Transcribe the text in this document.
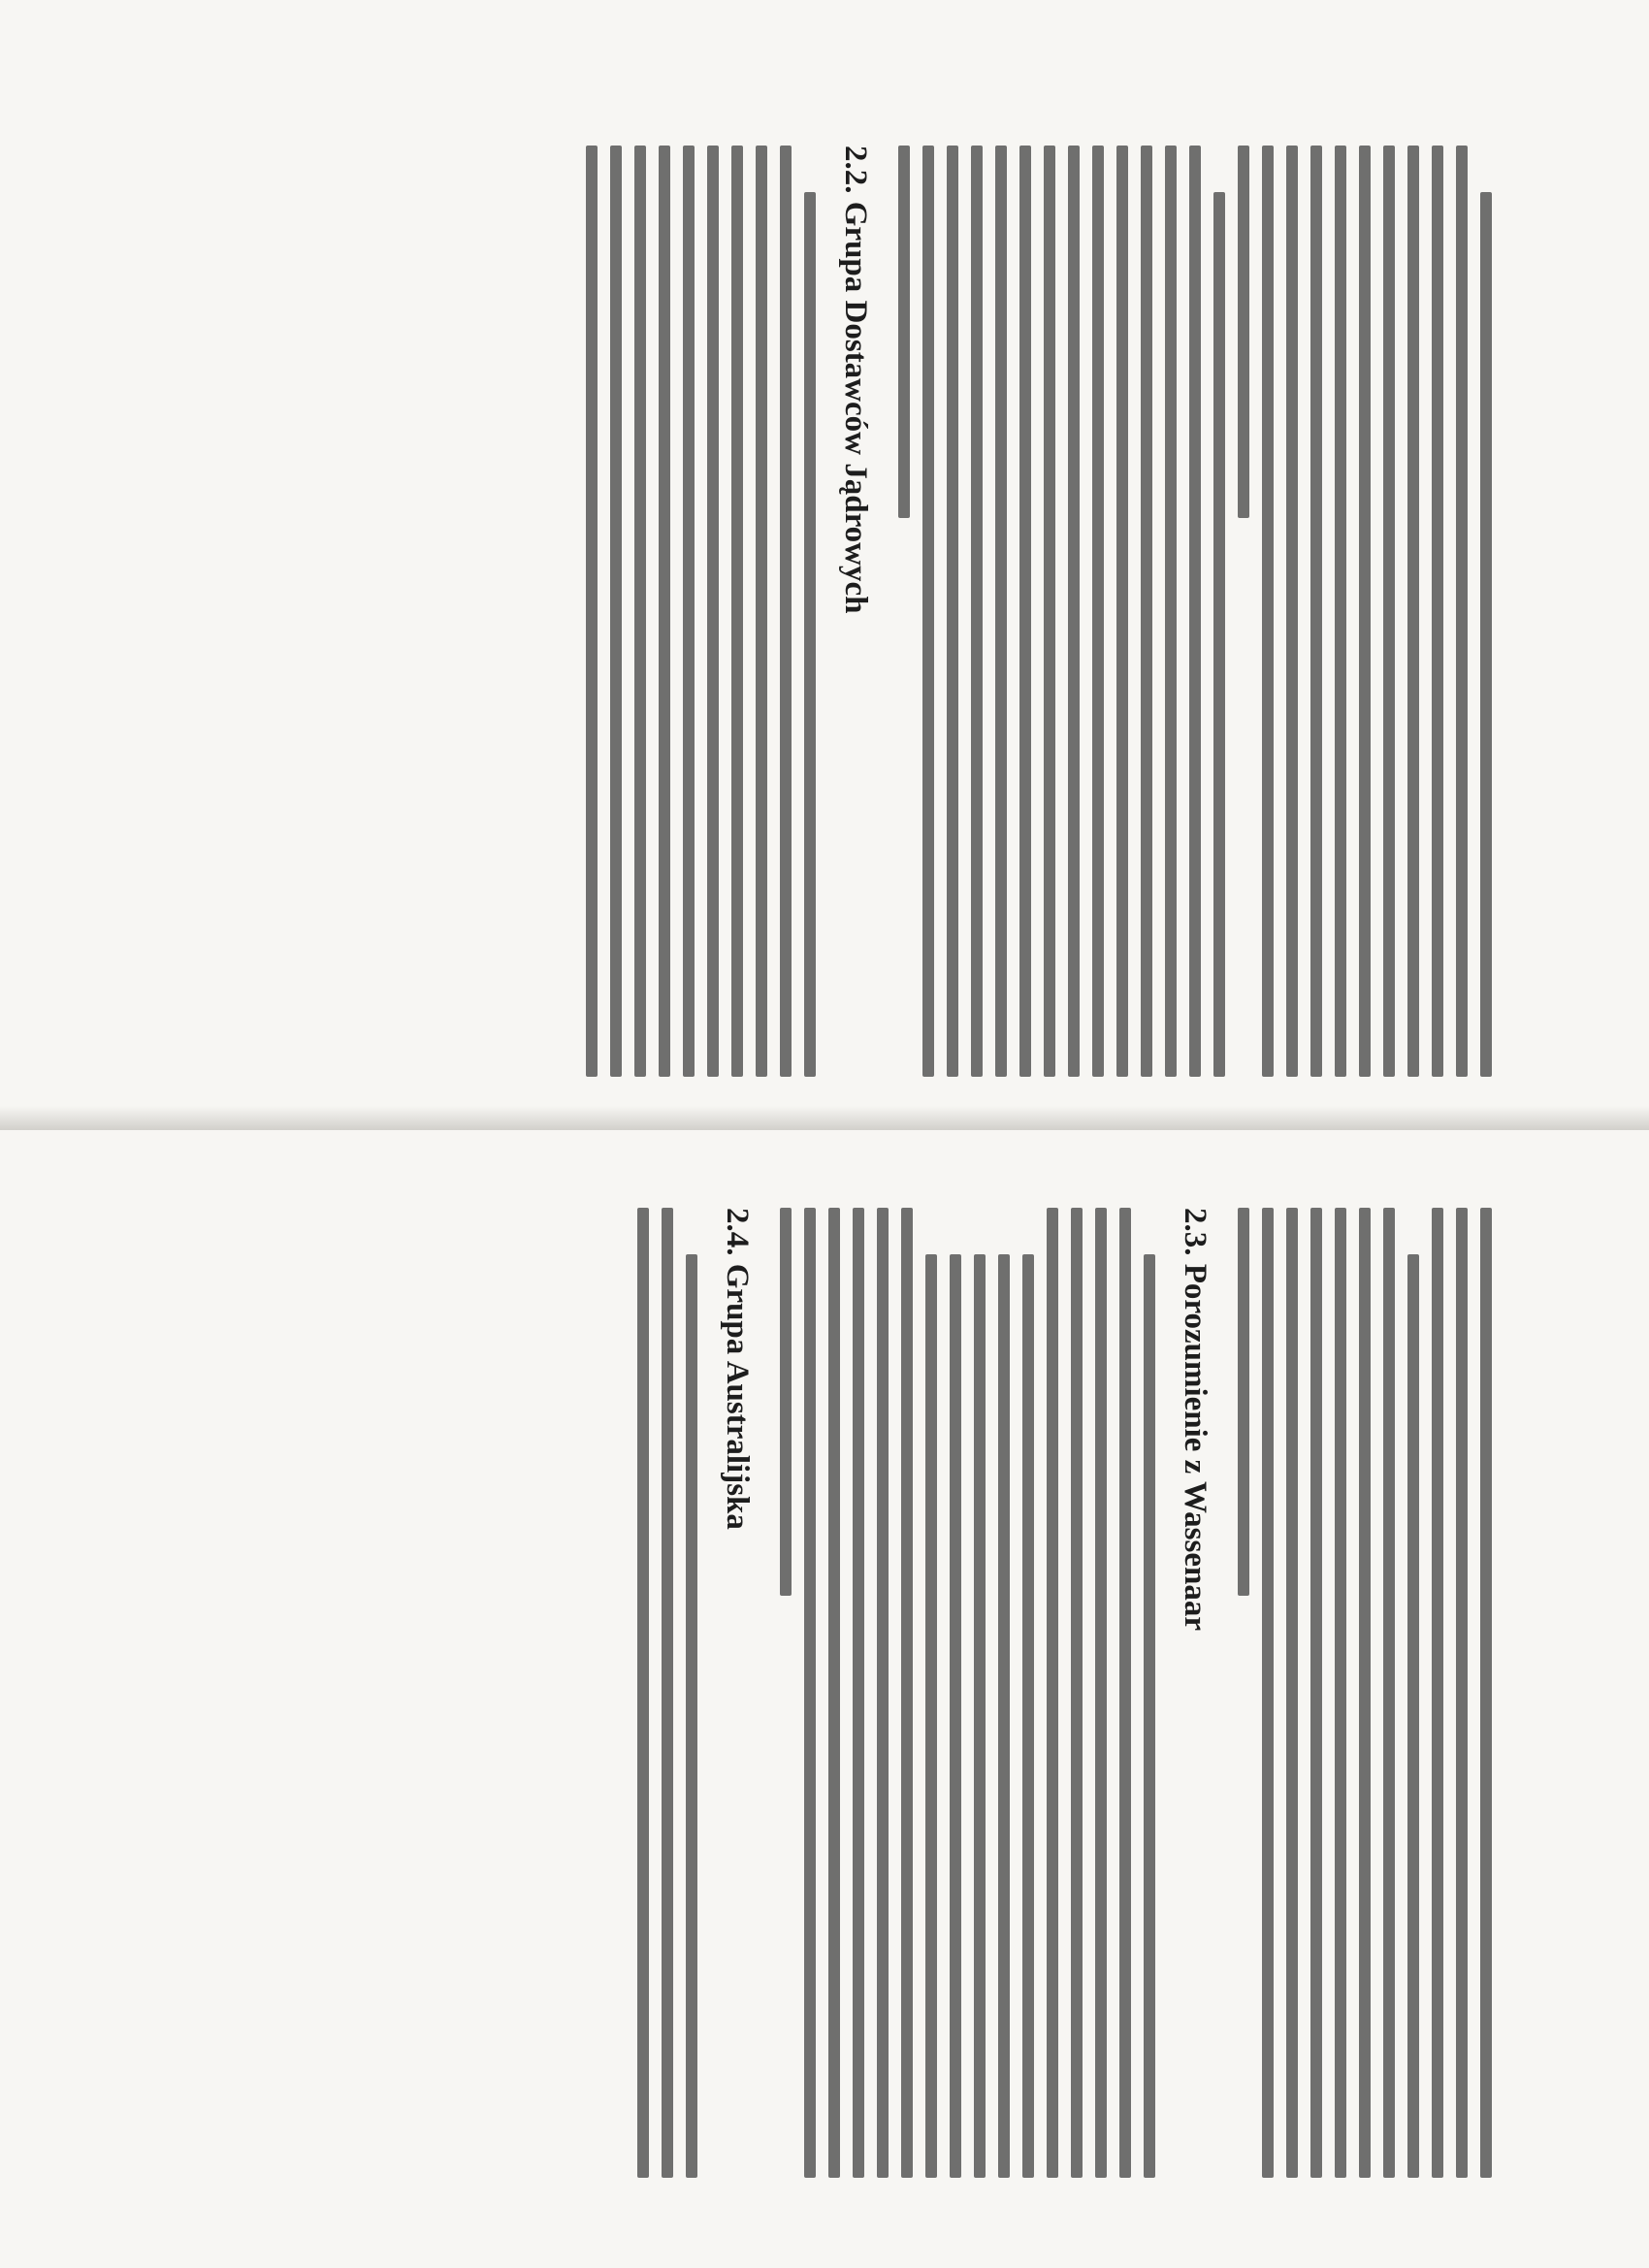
2.2. Grupa Dostawców Jądrowych
2.3. Porozumienie z Wassenaar
2.4. Grupa Australijska
